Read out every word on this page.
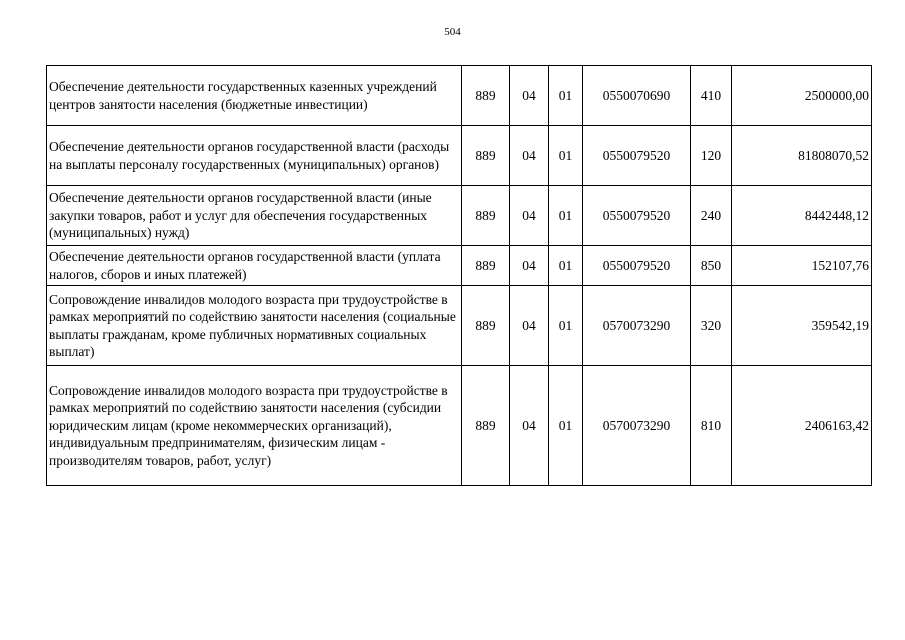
504
Обеспечение деятельности государственных казенных учреждений центров занятости населения (бюджетные инвестиции)	889	04	01	0550070690	410	2500000,00
Обеспечение деятельности органов государственной власти (расходы на выплаты персоналу государственных (муниципальных) органов)	889	04	01	0550079520	120	81808070,52
Обеспечение деятельности органов государственной власти (иные закупки товаров, работ и услуг для обеспечения государственных (муниципальных) нужд)	889	04	01	0550079520	240	8442448,12
Обеспечение деятельности органов государственной власти (уплата налогов, сборов и иных платежей)	889	04	01	0550079520	850	152107,76
Сопровождение инвалидов молодого возраста при трудоустройстве в рамках мероприятий по содействию занятости населения (социальные выплаты гражданам, кроме публичных нормативных социальных выплат)	889	04	01	0570073290	320	359542,19
Сопровождение инвалидов молодого возраста при трудоустройстве в рамках мероприятий по содействию занятости населения (субсидии юридическим лицам (кроме некоммерческих организаций), индивидуальным предпринимателям, физическим лицам - производителям товаров, работ, услуг)	889	04	01	0570073290	810	2406163,42
